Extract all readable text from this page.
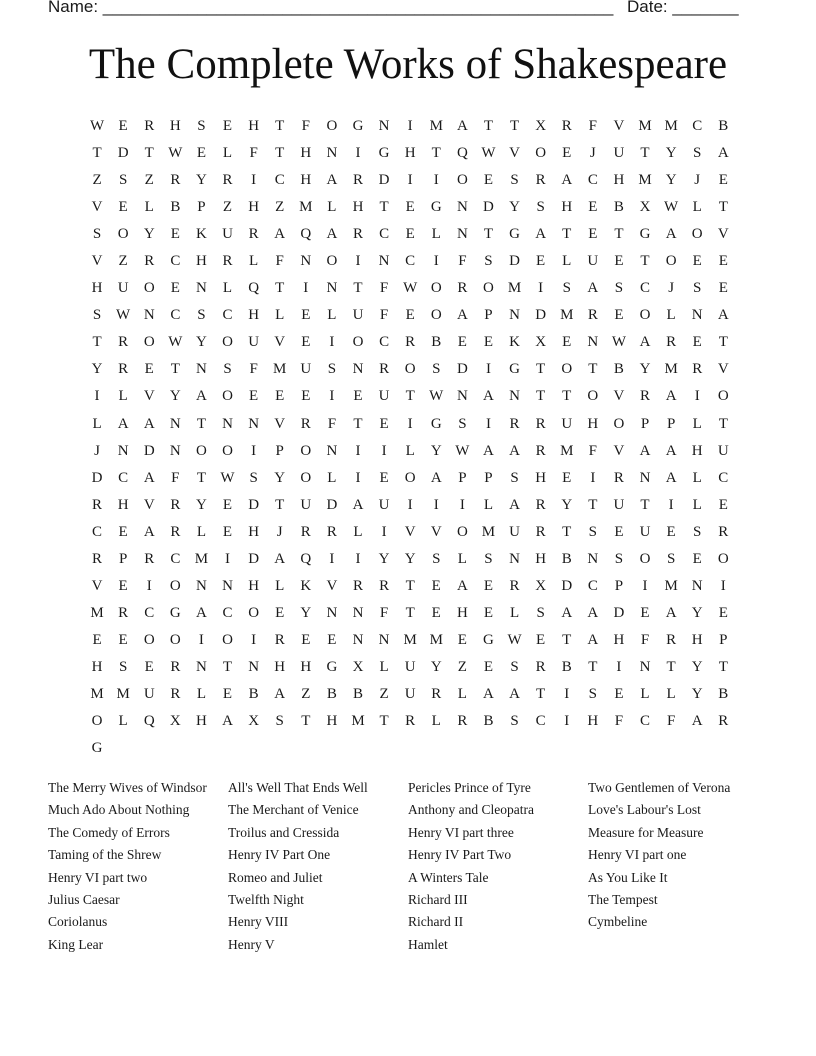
Name: ______________________________________________________ Date: _______
The Complete Works of Shakespeare
W E	R	H	S	E	H	T	F	O	G	N	I	M A	T	T	X	R	F	V M M C	B
T	D	T W E	L	F	T	H	N	I	G	H	T	Q W V	O	E	J	U	T	Y	S	A
Z	S	Z	R	Y	R	I	C	H	A	R	D	I	I	O	E	S	R	A	C	H M Y	J	E
V	E	L	B	P	Z	H	Z M L	H	T	E	G	N	D	Y	S	H	E	B	X W L	T
S	O	Y	E	K	U	R	A	Q	A	R	C	E	L	N	T	G	A	T	E	T	G	A	O	V
V	Z	R	C	H	R	L	F	N	O	I	N	C	I	F	S	D	E	L	U	E	T	O	E	E
H	U	O	E	N	L	Q	T	I	N	T	F W O	R	O M	I	S	A	S	C	J	S	E
S W N	C	S	C	H	L	E	L	U	F	E	O	A	P	N	D M R	E	O	L	N	A
T	R	O W Y	O	U	V	E	I	O	C	R	B	E	E	K	X	E	N W A	R	E	T
Y	R	E	T	N	S	F	M U	S	N	R	O	S	D	I	G	T	O	T	B	Y M R	V
I	L	V	Y	A	O	E	E	E	I	E	U	T W N	A	N	T	T	O	V	R	A	I	O
L	A	A	N	T	N	N	V	R	F	T	E	I	G	S	I	R	R	U	H	O	P	P	L	T
J	N	D	N	O	O	I	P	O	N	I	I	L	Y W A	A	R M	F	V	A	A	H	U
D	C	A	F	T W S	Y	O	L	I	E	O	A	P	P	S	H	E	I	R	N	A	L	C
R	H	V	R	Y	E	D	T	U	D	A	U	I	I	I	L	A	R	Y	T	U	T	I	L	E
C	E	A	R	L	E	H	J	R	R	L	I	V	V	O M U	R	T	S	E	U	E	S	R
R	P	R	C M	I	D	A	Q	I	I	Y	Y	S	L	S	N	H	B	N	S	O	S	E	O
V	E	I	O	N	N	H	L	K	V	R	R	T	E	A	E	R	X	D	C	P	I	M N	I
M R	C	G	A	C	O	E	Y	N	N	F	T	E	H	E	L	S	A	A	D	E	A	Y	E
E	E	O	O	I	O	I	R	E	E	N	N M M E	G W E	T	A	H	F	R	H	P
H	S	E	R	N	T	N	H	H	G	X	L	U	Y	Z	E	S	R	B	T	I	N	T	Y	T
M M U	R	L	E	B	A	Z	B	B	Z	U	R	L	A	A	T	I	S	E	L	L	Y	B
O	L	Q	X	H	A	X	S	T	H M T	R	L	R	B	S	C	I	H	F	C	F	A	R
G
The Merry Wives of Windsor	All's Well That Ends Well	Pericles Prince of Tyre	Two Gentlemen of Verona
Much Ado About Nothing	The Merchant of Venice	Anthony and Cleopatra	Love's Labour's Lost
The Comedy of Errors	Troilus and Cressida	Henry VI part three	Measure for Measure
Taming of the Shrew	Henry IV Part One	Henry IV Part Two	Henry VI part one
Henry VI part two	Romeo and Juliet	A Winters Tale	As You Like It
Julius Caesar	Twelfth Night	Richard III	The Tempest
Coriolanus	Henry VIII	Richard II	Cymbeline
King Lear	Henry V	Hamlet
